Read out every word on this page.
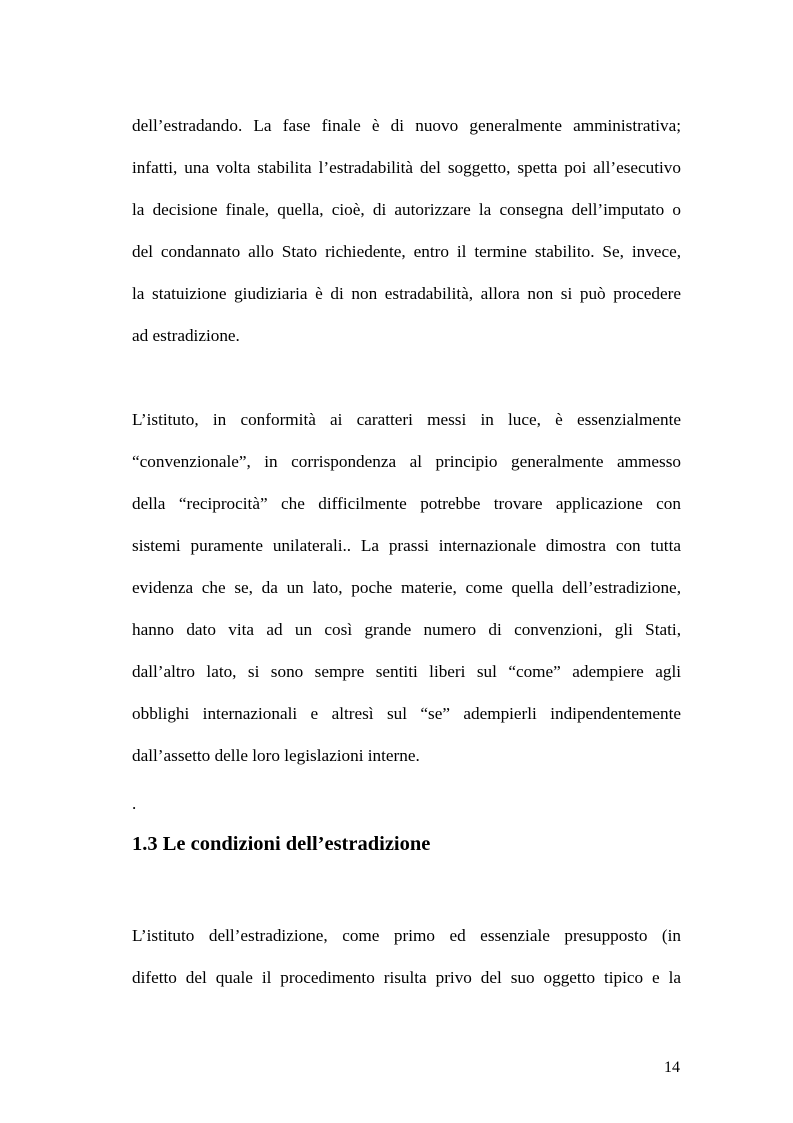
dell’estradando. La fase finale è di nuovo generalmente amministrativa;
infatti, una volta stabilita l’estradabilità del soggetto, spetta poi all’esecutivo
la decisione finale, quella, cioè, di autorizzare la consegna dell’imputato o
del condannato allo Stato richiedente, entro il termine stabilito. Se, invece,
la statuizione giudiziaria è di non estradabilità, allora non si può procedere
ad estradizione.
L’istituto, in conformità ai caratteri messi in luce, è essenzialmente
“convenzionale”, in corrispondenza al principio generalmente ammesso
della “reciprocità” che difficilmente potrebbe trovare applicazione con
sistemi puramente unilaterali.. La prassi internazionale dimostra con tutta
evidenza che se, da un lato, poche materie, come quella dell’estradizione,
hanno dato vita ad un così grande numero di convenzioni, gli Stati,
dall’altro lato, si sono sempre sentiti liberi sul “come” adempiere agli
obblighi internazionali e altresì sul “se” adempierli indipendentemente
dall’assetto delle loro legislazioni interne.
.
1.3 Le condizioni dell’estradizione
L’istituto dell’estradizione, come primo ed essenziale presupposto (in
difetto del quale il procedimento risulta privo del suo oggetto tipico e la
14
